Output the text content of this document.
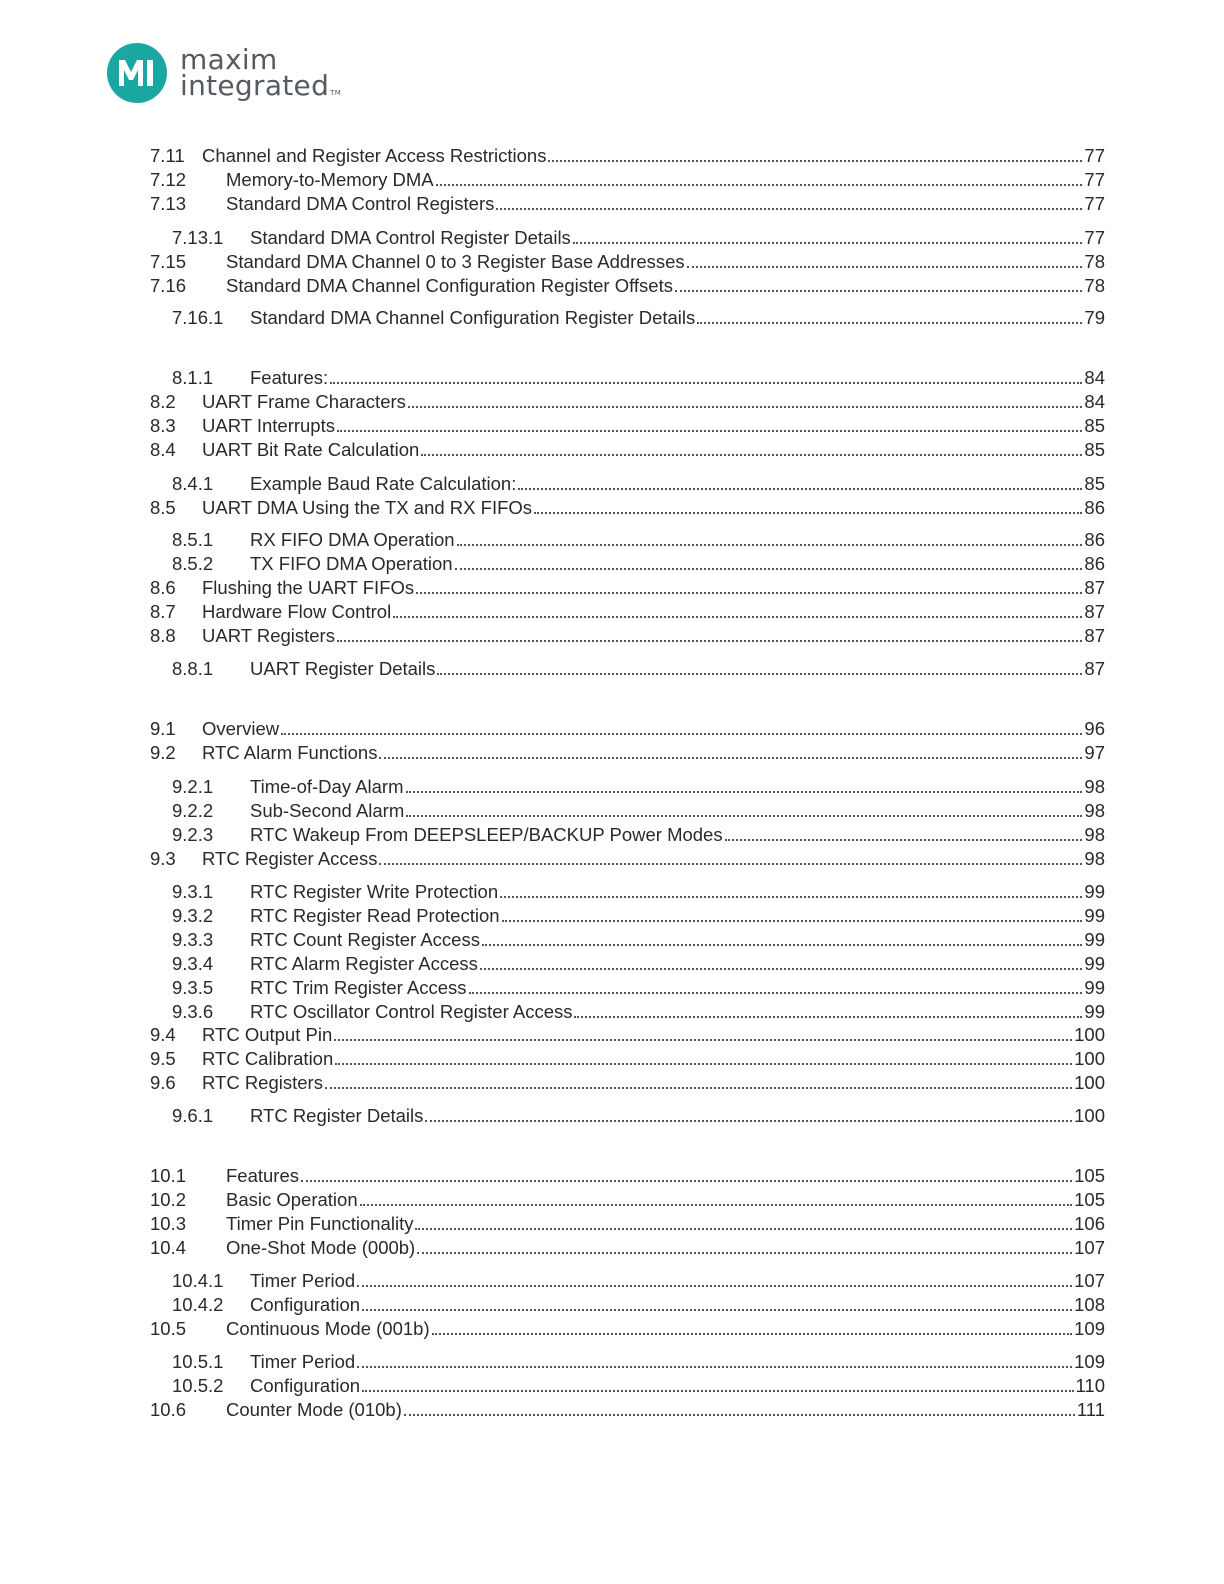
maxim
integratedTM
7.11 Channel and Register Access Restrictions	77
7.12	Memory-to-Memory DMA	77
7.13	Standard DMA Control Registers	77
7.13.1	Standard DMA Control Register Details	77
7.15	Standard DMA Channel 0 to 3 Register Base Addresses	78
7.16	Standard DMA Channel Configuration Register Offsets	78
7.16.1	Standard DMA Channel Configuration Register Details	79
8.1.1	Features:	84
8.2	UART Frame Characters	84
8.3	UART Interrupts	85
8.4	UART Bit Rate Calculation	85
8.4.1	Example Baud Rate Calculation:	85
8.5	UART DMA Using the TX and RX FIFOs	86
8.5.1	RX FIFO DMA Operation	86
8.5.2	TX FIFO DMA Operation	86
8.6	Flushing the UART FIFOs	87
8.7	Hardware Flow Control	87
8.8	UART Registers	87
8.8.1	UART Register Details	87
9.1	Overview	96
9.2	RTC Alarm Functions	97
9.2.1	Time-of-Day Alarm	98
9.2.2	Sub-Second Alarm	98
9.2.3	RTC Wakeup From DEEPSLEEP/BACKUP Power Modes	98
9.3	RTC Register Access	98
9.3.1	RTC Register Write Protection	99
9.3.2	RTC Register Read Protection	99
9.3.3	RTC Count Register Access	99
9.3.4	RTC Alarm Register Access	99
9.3.5	RTC Trim Register Access	99
9.3.6	RTC Oscillator Control Register Access	99
9.4	RTC Output Pin	100
9.5	RTC Calibration	100
9.6	RTC Registers	100
9.6.1	RTC Register Details	100
10.1	Features	105
10.2	Basic Operation	105
10.3	Timer Pin Functionality	106
10.4	One-Shot Mode (000b)	107
10.4.1	Timer Period	107
10.4.2	Configuration	108
10.5	Continuous Mode (001b)	109
10.5.1	Timer Period	109
10.5.2	Configuration	110
10.6	Counter Mode (010b)	111
